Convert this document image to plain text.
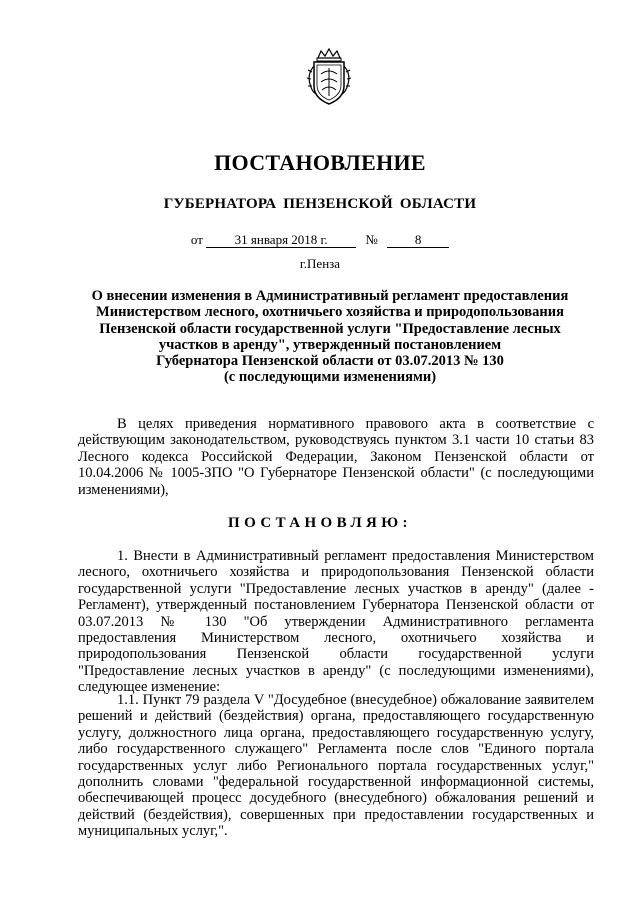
ПОСТАНОВЛЕНИЕ
ГУБЕРНАТОРА ПЕНЗЕНСКОЙ ОБЛАСТИ
от 31 января 2018 г.	№	8
г.Пенза
О внесении изменения в Административный регламент предоставления
Министерством лесного, охотничьего хозяйства и природопользования
Пензенской области государственной услуги "Предоставление лесных
участков в аренду", утвержденный постановлением
Губернатора Пензенской области от 03.07.2013 № 130
(с последующими изменениями)
В целях приведения нормативного правового акта в соответствие с действующим законодательством, руководствуясь пунктом 3.1 части 10 статьи 83 Лесного кодекса Российской Федерации, Законом Пензенской области от 10.04.2006 № 1005-ЗПО "О Губернаторе Пензенской области" (с последующими изменениями),
ПОСТАНОВЛЯЮ:
1. Внести в Административный регламент предоставления Министерством лесного, охотничьего хозяйства и природопользования Пензенской области государственной услуги "Предоставление лесных участков в аренду" (далее - Регламент), утвержденный постановлением Губернатора Пензенской области от 03.07.2013 № 130 "Об утверждении Административного регламента предоставления Министерством лесного, охотничьего хозяйства и природопользования Пензенской области государственной услуги "Предоставление лесных участков в аренду" (с последующими изменениями), следующее изменение:
1.1. Пункт 79 раздела V "Досудебное (внесудебное) обжалование заявителем решений и действий (бездействия) органа, предоставляющего государственную услугу, должностного лица органа, предоставляющего государственную услугу, либо государственного служащего" Регламента после слов "Единого портала государственных услуг либо Регионального портала государственных услуг," дополнить словами "федеральной государственной информационной системы, обеспечивающей процесс досудебного (внесудебного) обжалования решений и действий (бездействия), совершенных при предоставлении государственных и муниципальных услуг,".
